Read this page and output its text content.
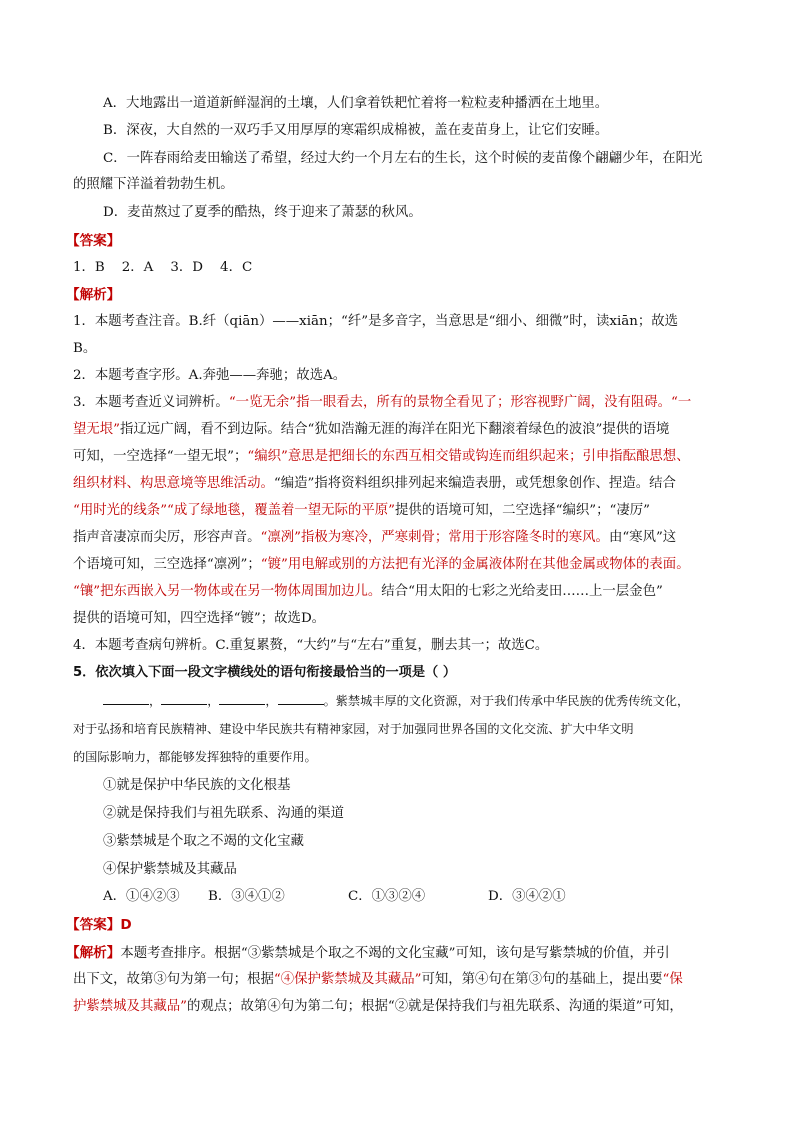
A．大地露出一道道新鲜湿润的土壤，人们拿着铁耙忙着将一粒粒麦种播洒在土地里。

B．深夜，大自然的一双巧手又用厚厚的寒霜织成棉被，盖在麦苗身上，让它们安睡。

C．一阵春雨给麦田输送了希望，经过大约一个月左右的生长，这个时候的麦苗像个翩翩少年，在阳光

的照耀下洋溢着勃勃生机。

D．麦苗熬过了夏季的酷热，终于迎来了萧瑟的秋风。

【答案】

1．B    2．A    3．D    4．C

【解析】

1．本题考查注音。B.纤（qiān）——xiān；“纤”是多音字，当意思是“细小、细微”时，读xiān；故选

B。

2．本题考查字形。A.奔弛——奔驰；故选A。

3．本题考查近义词辨析。“一览无余”指一眼看去，所有的景物全看见了；形容视野广阔，没有阻碍。“一

望无垠”指辽远广阔，看不到边际。结合“犹如浩瀚无涯的海洋在阳光下翻滚着绿色的波浪”提供的语境

可知，一空选择“一望无垠”；“编织”意思是把细长的东西互相交错或钩连而组织起来；引申指酝酿思想、

组织材料、构思意境等思维活动。“编造”指将资料组织排列起来编造表册，或凭想象创作、捏造。结合

“用时光的线条”“成了绿地毯，覆盖着一望无际的平原”提供的语境可知，二空选择“编织”；“凄厉”

指声音凄凉而尖厉，形容声音。“凛冽”指极为寒冷，严寒刺骨；常用于形容隆冬时的寒风。由“寒风”这

个语境可知，三空选择“凛冽”；“镀”用电解或别的方法把有光泽的金属液体附在其他金属或物体的表面。

“镶”把东西嵌入另一物体或在另一物体周围加边儿。结合“用太阳的七彩之光给麦田……上一层金色”

提供的语境可知，四空选择“镀”；故选D。

4．本题考查病句辨析。C.重复累赘，“大约”与“左右”重复，删去其一；故选C。

5．依次填入下面一段文字横线处的语句衔接最恰当的一项是（ ）

，	，	，	。紫禁城丰厚的文化资源，对于我们传承中华民族的优秀传统文化，

对于弘扬和培育民族精神、建设中华民族共有精神家园，对于加强同世界各国的文化交流、扩大中华文明

的国际影响力，都能够发挥独特的重要作用。

①就是保护中华民族的文化根基

②就是保持我们与祖先联系、沟通的渠道

③紫禁城是个取之不竭的文化宝藏

④保护紫禁城及其藏品

A．①④②③ B．③④①②	C．①③②④	D．③④②①

【答案】D

【解析】本题考查排序。根据“③紫禁城是个取之不竭的文化宝藏”可知，该句是写紫禁城的价值，并引

出下文，故第③句为第一句；根据“④保护紫禁城及其藏品”可知，第④句在第③句的基础上，提出要“保

护紫禁城及其藏品”的观点；故第④句为第二句；根据“②就是保持我们与祖先联系、沟通的渠道”可知，
